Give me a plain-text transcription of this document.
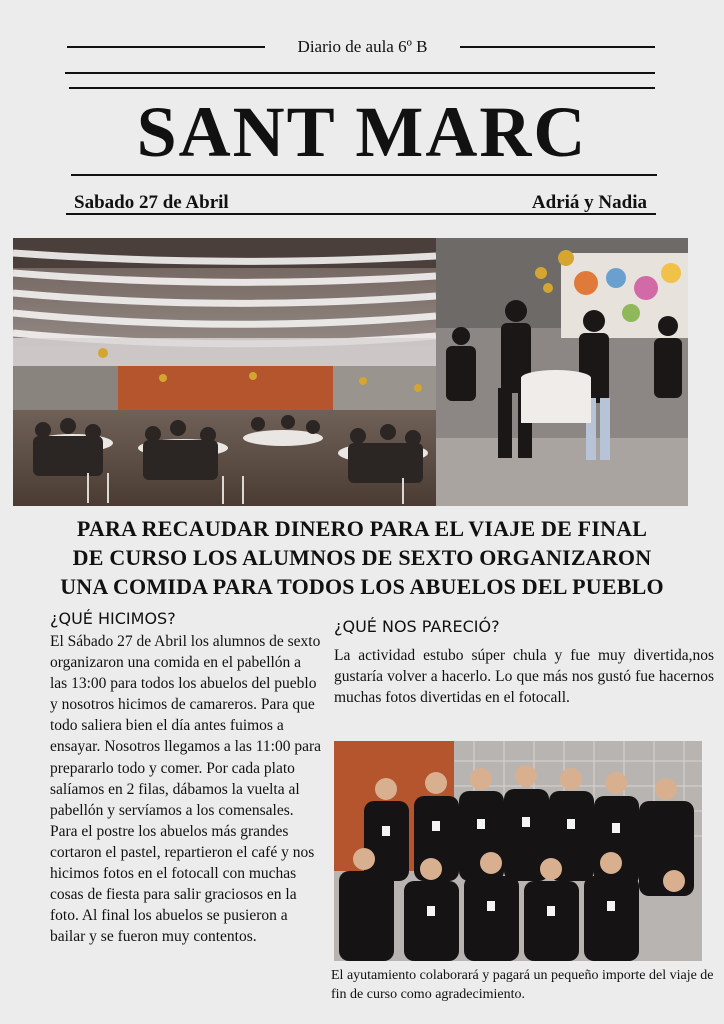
Diario de aula 6º B
SANT MARC
Sabado 27 de Abril	Adriá y Nadia
PARA RECAUDAR DINERO PARA EL VIAJE DE FINAL DE CURSO LOS ALUMNOS DE SEXTO ORGANIZARON UNA COMIDA PARA TODOS LOS ABUELOS DEL PUEBLO
¿QUÉ HICIMOS?
El Sábado 27 de Abril los alumnos de sexto organizaron una comida en el pabellón a las 13:00 para todos los abuelos del pueblo y nosotros hicimos de camareros. Para que todo saliera bien el día antes fuimos a ensayar. Nosotros llegamos a las 11:00 para prepararlo todo y comer. Por cada plato salíamos en 2 filas, dábamos la vuelta al pabellón y servíamos a los comensales. Para el postre los abuelos más grandes cortaron el pastel, repartieron el café y nos hicimos fotos en el fotocall con muchas cosas de fiesta para salir graciosos en la foto. Al final los abuelos se pusieron a bailar y se fueron muy contentos.
¿QUÉ NOS PARECIÓ?
La actividad estubo súper chula y fue muy divertida,nos gustaría volver a hacerlo. Lo que más nos gustó fue hacernos muchas fotos divertidas en el fotocall.
El ayutamiento colaborará y pagará un pequeño importe del viaje de fin de curso como agradecimiento.
